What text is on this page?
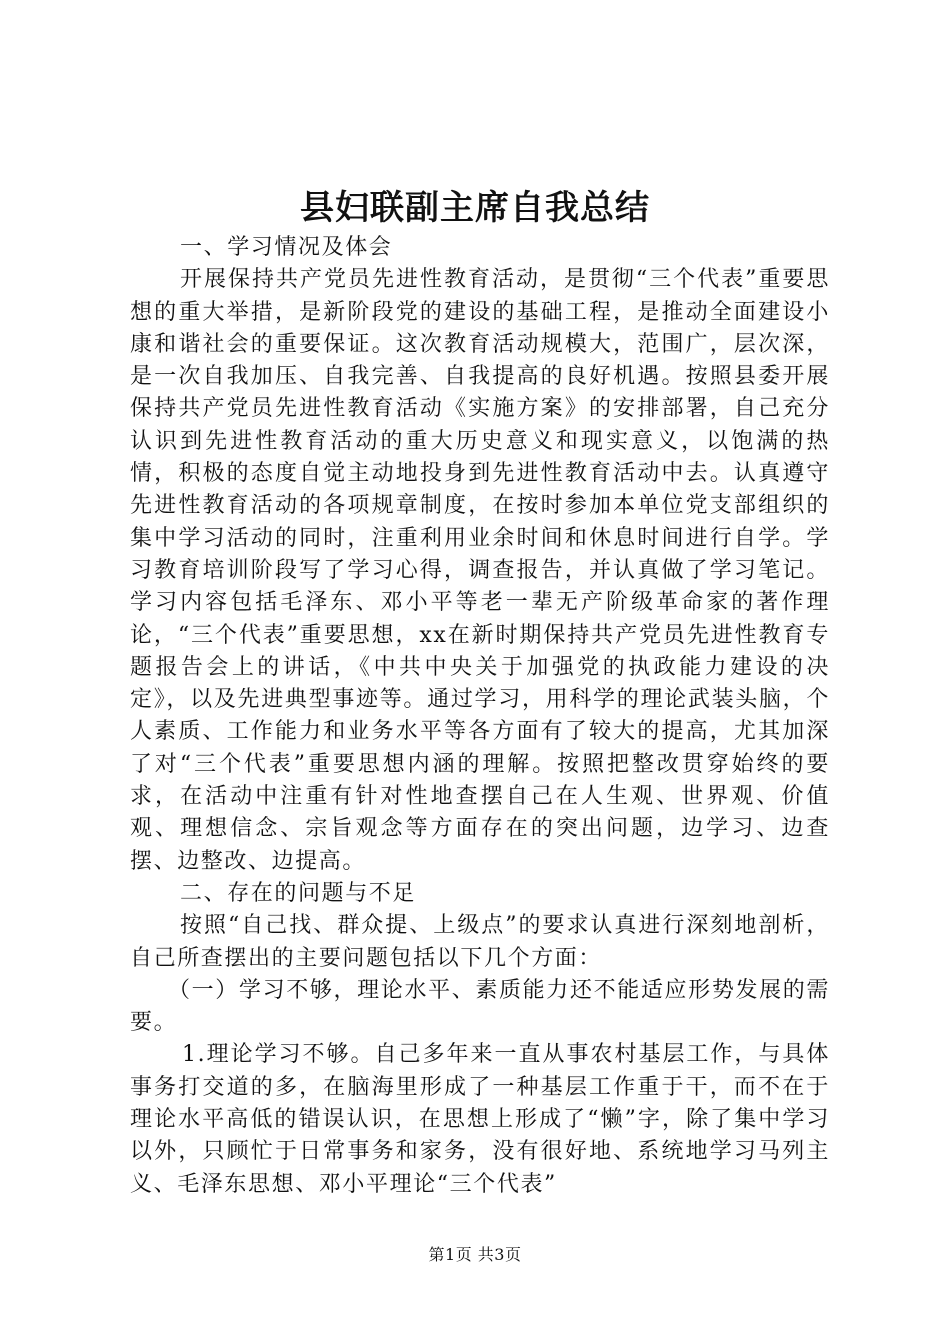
县妇联副主席自我总结

一、学习情况及体会

开展保持共产党员先进性教育活动，是贯彻“三个代表”重要思想的重大举措，是新阶段党的建设的基础工程，是推动全面建设小康和谐社会的重要保证。这次教育活动规模大，范围广，层次深，是一次自我加压、自我完善、自我提高的良好机遇。按照县委开展保持共产党员先进性教育活动《实施方案》的安排部署，自己充分认识到先进性教育活动的重大历史意义和现实意义，以饱满的热情，积极的态度自觉主动地投身到先进性教育活动中去。认真遵守先进性教育活动的各项规章制度，在按时参加本单位党支部组织的集中学习活动的同时，注重利用业余时间和休息时间进行自学。学习教育培训阶段写了学习心得，调查报告，并认真做了学习笔记。学习内容包括毛泽东、邓小平等老一辈无产阶级革命家的著作理论，“三个代表”重要思想，xx在新时期保持共产党员先进性教育专题报告会上的讲话，《中共中央关于加强党的执政能力建设的决定》，以及先进典型事迹等。通过学习，用科学的理论武装头脑，个人素质、工作能力和业务水平等各方面有了较大的提高，尤其加深了对“三个代表”重要思想内涵的理解。按照把整改贯穿始终的要求，在活动中注重有针对性地查摆自己在人生观、世界观、价值观、理想信念、宗旨观念等方面存在的突出问题，边学习、边查摆、边整改、边提高。

二、存在的问题与不足

按照“自己找、群众提、上级点”的要求认真进行深刻地剖析，自己所查摆出的主要问题包括以下几个方面：

（一）学习不够，理论水平、素质能力还不能适应形势发展的需要。

1.理论学习不够。自己多年来一直从事农村基层工作，与具体事务打交道的多，在脑海里形成了一种基层工作重于干，而不在于理论水平高低的错误认识，在思想上形成了“懒”字，除了集中学习以外，只顾忙于日常事务和家务，没有很好地、系统地学习马列主义、毛泽东思想、邓小平理论“三个代表”

第1页 共3页
